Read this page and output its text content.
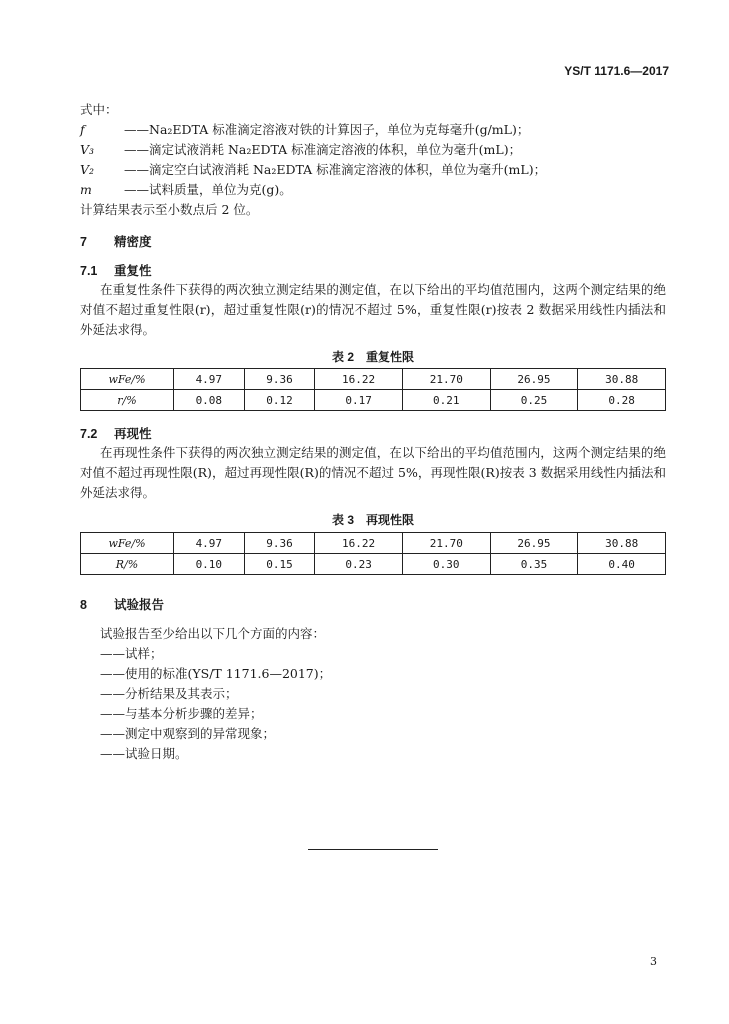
YS/T 1171.6—2017
式中：
f	——Na₂EDTA 标准滴定溶液对铁的计算因子，单位为克每毫升(g/mL)；
V₃ ——滴定试液消耗 Na₂EDTA 标准滴定溶液的体积，单位为毫升(mL)；
V₂ ——滴定空白试液消耗 Na₂EDTA 标准滴定溶液的体积，单位为毫升(mL)；
m	——试料质量，单位为克(g)。
计算结果表示至小数点后 2 位。
7 精密度
7.1 重复性
在重复性条件下获得的两次独立测定结果的测定值，在以下给出的平均值范围内，这两个测定结果的绝对值不超过重复性限(r)，超过重复性限(r)的情况不超过 5%，重复性限(r)按表 2 数据采用线性内插法和外延法求得。
表 2　重复性限
wFe/%	4.97	9.36	16.22	21.70	26.95	30.88
r/%	0.08	0.12	0.17	0.21	0.25	0.28
7.2 再现性
在再现性条件下获得的两次独立测定结果的测定值，在以下给出的平均值范围内，这两个测定结果的绝对值不超过再现性限(R)，超过再现性限(R)的情况不超过 5%，再现性限(R)按表 3 数据采用线性内插法和外延法求得。
表 3　再现性限
wFe/%	4.97	9.36	16.22	21.70	26.95	30.88
R/%	0.10	0.15	0.23	0.30	0.35	0.40
8 试验报告
试验报告至少给出以下几个方面的内容：
——试样；
——使用的标准(YS/T 1171.6—2017)；
——分析结果及其表示；
——与基本分析步骤的差异；
——测定中观察到的异常现象；
——试验日期。
3
